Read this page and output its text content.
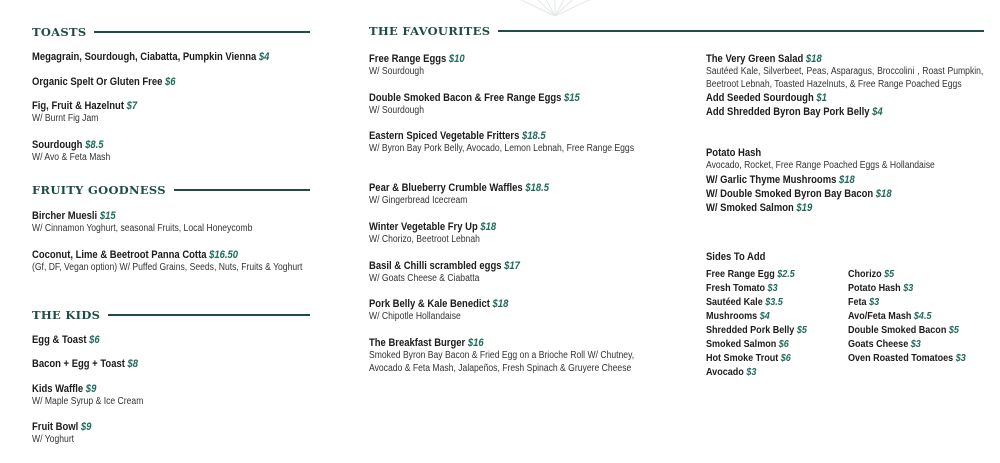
TOASTS
Megagrain, Sourdough, Ciabatta, Pumpkin Vienna $4
Organic Spelt Or Gluten Free $6
Fig, Fruit & Hazelnut $7
W/ Burnt Fig Jam
Sourdough $8.5
W/ Avo & Feta Mash
FRUITY GOODNESS
Bircher Muesli $15
W/ Cinnamon Yoghurt, seasonal Fruits, Local Honeycomb
Coconut, Lime & Beetroot Panna Cotta $16.50
(Gf, DF, Vegan option) W/ Puffed Grains, Seeds, Nuts, Fruits & Yoghurt
THE KIDS
Egg & Toast $6
Bacon + Egg + Toast $8
Kids Waffle $9
W/ Maple Syrup & Ice Cream
Fruit Bowl $9
W/ Yoghurt
THE FAVOURITES
Free Range Eggs $10
W/ Sourdough
Double Smoked Bacon & Free Range Eggs $15
W/ Sourdough
Eastern Spiced Vegetable Fritters $18.5
W/ Byron Bay Pork Belly, Avocado, Lemon Lebnah, Free Range Eggs
Pear & Blueberry Crumble Waffles $18.5
W/ Gingerbread Icecream
Winter Vegetable Fry Up $18
W/ Chorizo, Beetroot Lebnah
Basil & Chilli scrambled eggs $17
W/ Goats Cheese & Ciabatta
Pork Belly & Kale Benedict $18
W/ Chipotle Hollandaise
The Breakfast Burger $16
Smoked Byron Bay Bacon & Fried Egg on a Brioche Roll W/ Chutney, Avocado & Feta Mash, Jalapeños, Fresh Spinach & Gruyere Cheese
The Very Green Salad $18
Sautéed Kale, Silverbeet, Peas, Asparagus, Broccolini , Roast Pumpkin, Beetroot Lebnah, Toasted Hazelnuts, & Free Range Poached Eggs
Add Seeded Sourdough $1
Add Shredded Byron Bay Pork Belly $4
Potato Hash
Avocado, Rocket, Free Range Poached Eggs & Hollandaise
W/ Garlic Thyme Mushrooms $18
W/ Double Smoked Byron Bay Bacon $18
W/ Smoked Salmon $19
Sides To Add
Free Range Egg $2.5
Fresh Tomato $3
Sautéed Kale $3.5
Mushrooms $4
Shredded Pork Belly $5
Smoked Salmon $6
Hot Smoke Trout $6
Avocado $3
Chorizo $5
Potato Hash $3
Feta $3
Avo/Feta Mash $4.5
Double Smoked Bacon $5
Goats Cheese $3
Oven Roasted Tomatoes $3
